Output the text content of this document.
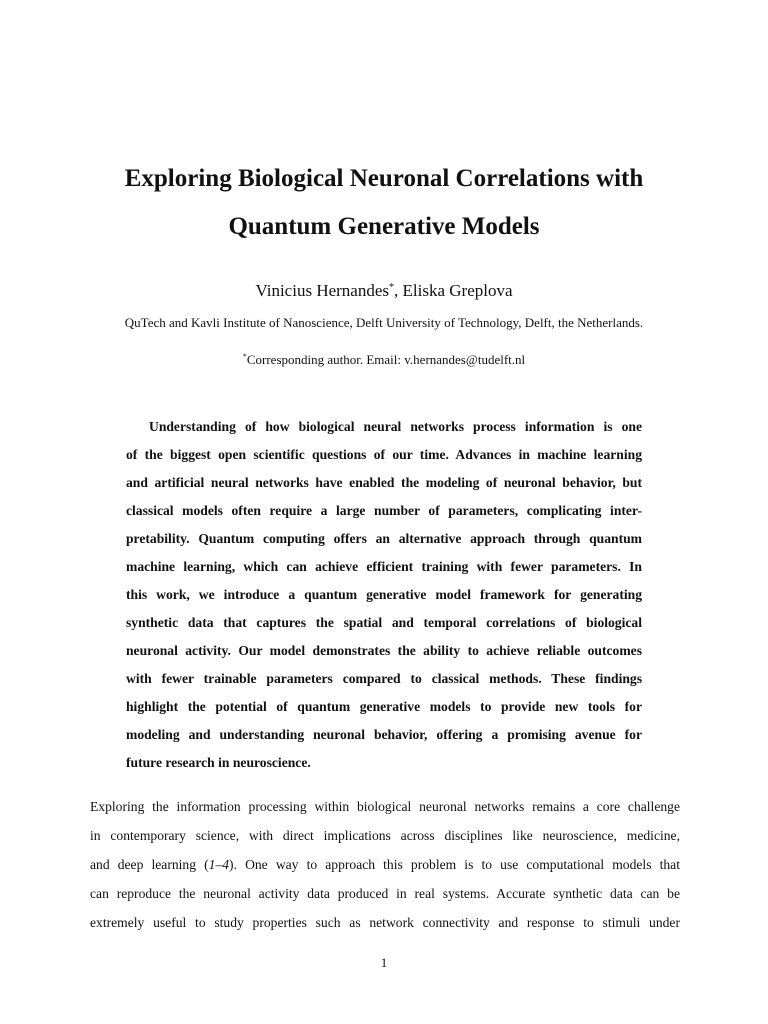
Exploring Biological Neuronal Correlations with
Quantum Generative Models
Vinicius Hernandes*, Eliska Greplova
QuTech and Kavli Institute of Nanoscience, Delft University of Technology, Delft, the Netherlands.
*Corresponding author. Email: v.hernandes@tudelft.nl
Understanding of how biological neural networks process information is one
of the biggest open scientific questions of our time. Advances in machine learning
and artificial neural networks have enabled the modeling of neuronal behavior, but
classical models often require a large number of parameters, complicating inter-
pretability. Quantum computing offers an alternative approach through quantum
machine learning, which can achieve efficient training with fewer parameters. In
this work, we introduce a quantum generative model framework for generating
synthetic data that captures the spatial and temporal correlations of biological
neuronal activity. Our model demonstrates the ability to achieve reliable outcomes
with fewer trainable parameters compared to classical methods. These findings
highlight the potential of quantum generative models to provide new tools for
modeling and understanding neuronal behavior, offering a promising avenue for
future research in neuroscience.
Exploring the information processing within biological neuronal networks remains a core challenge
in contemporary science, with direct implications across disciplines like neuroscience, medicine,
and deep learning (1–4). One way to approach this problem is to use computational models that
can reproduce the neuronal activity data produced in real systems. Accurate synthetic data can be
extremely useful to study properties such as network connectivity and response to stimuli under
1
